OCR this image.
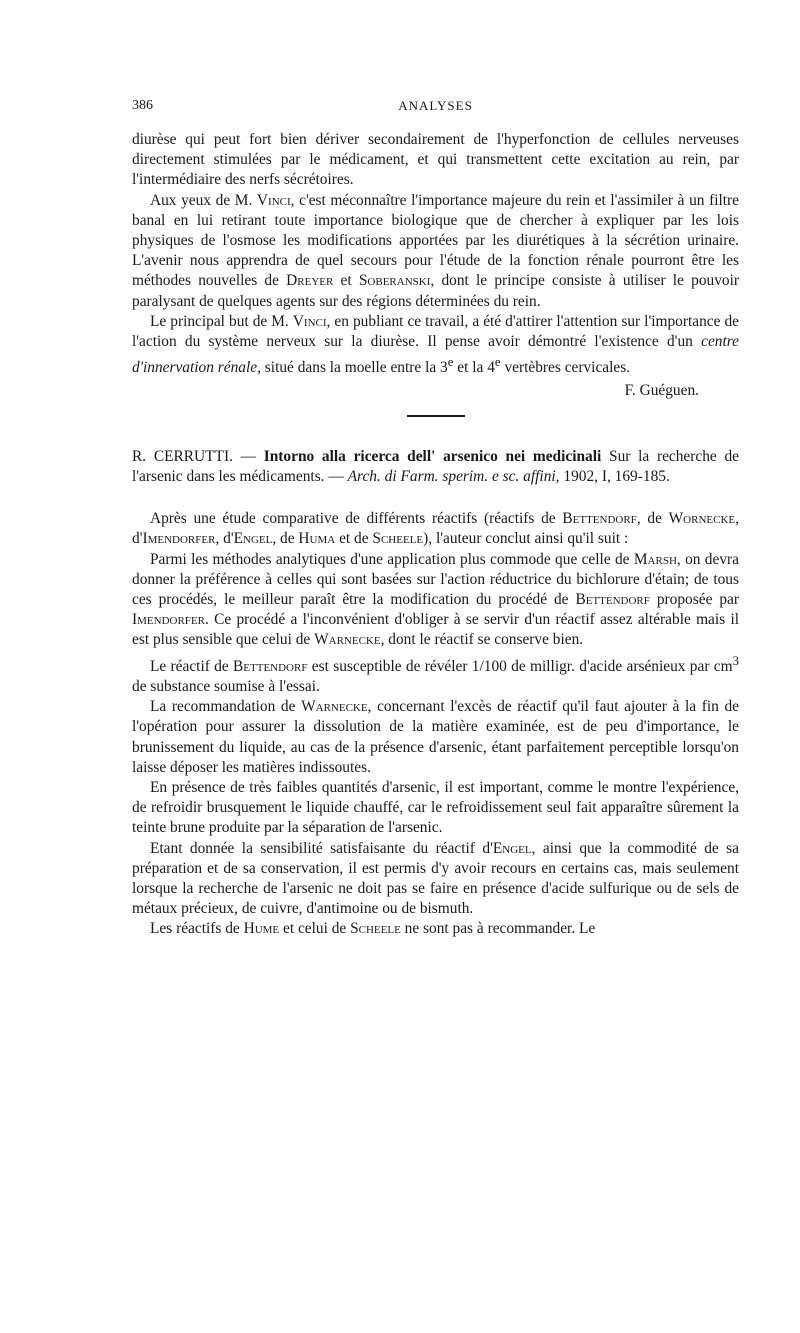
386	ANALYSES

diurèse qui peut fort bien dériver secondairement de l'hyperfonction de cellules nerveuses directement stimulées par le médicament, et qui transmettent cette excitation au rein, par l'intermédiaire des nerfs sécrétoires.

Aux yeux de M. Vinci, c'est méconnaître l'importance majeure du rein et l'assimiler à un filtre banal en lui retirant toute importance biologique que de chercher à expliquer par les lois physiques de l'osmose les modifications apportées par les diurétiques à la sécrétion urinaire. L'avenir nous apprendra de quel secours pour l'étude de la fonction rénale pourront être les méthodes nouvelles de Dreyer et Soberanski, dont le principe consiste à utiliser le pouvoir paralysant de quelques agents sur des régions déterminées du rein.

Le principal but de M. Vinci, en publiant ce travail, a été d'attirer l'attention sur l'importance de l'action du système nerveux sur la diurèse. Il pense avoir démontré l'existence d'un centre d'innervation rénale, situé dans la moelle entre la 3e et la 4e vertèbres cervicales.

F. Guéguen.

R. CERRUTTI. — Intorno alla ricerca dell' arsenico nei medicinali Sur la recherche de l'arsenic dans les médicaments. — Arch. di Farm. sperim. e sc. affini, 1902, I, 169-185.

Après une étude comparative de différents réactifs (réactifs de Bettendorf, de Wornecke, d'Imendorfer, d'Engel, de Huma et de Scheele), l'auteur conclut ainsi qu'il suit :

Parmi les méthodes analytiques d'une application plus commode que celle de Marsh, on devra donner la préférence à celles qui sont basées sur l'action réductrice du bichlorure d'étain; de tous ces procédés, le meilleur paraît être la modification du procédé de Bettendorf proposée par Imendorfer. Ce procédé a l'inconvénient d'obliger à se servir d'un réactif assez altérable mais il est plus sensible que celui de Warnecke, dont le réactif se conserve bien.

Le réactif de Bettendorf est susceptible de révéler 1/100 de milligr. d'acide arsénieux par $cm^3$ de substance soumise à l'essai.

La recommandation de Warnecke, concernant l'excès de réactif qu'il faut ajouter à la fin de l'opération pour assurer la dissolution de la matière examinée, est de peu d'importance, le brunissement du liquide, au cas de la présence d'arsenic, étant parfaitement perceptible lorsqu'on laisse déposer les matières indissoutes.

En présence de très faibles quantités d'arsenic, il est important, comme le montre l'expérience, de refroidir brusquement le liquide chauffé, car le refroidissement seul fait apparaître sûrement la teinte brune produite par la séparation de l'arsenic.

Etant donnée la sensibilité satisfaisante du réactif d'Engel, ainsi que la commodité de sa préparation et de sa conservation, il est permis d'y avoir recours en certains cas, mais seulement lorsque la recherche de l'arsenic ne doit pas se faire en présence d'acide sulfurique ou de sels de métaux précieux, de cuivre, d'antimoine ou de bismuth.

Les réactifs de Hume et celui de Scheele ne sont pas à recommander. Le
